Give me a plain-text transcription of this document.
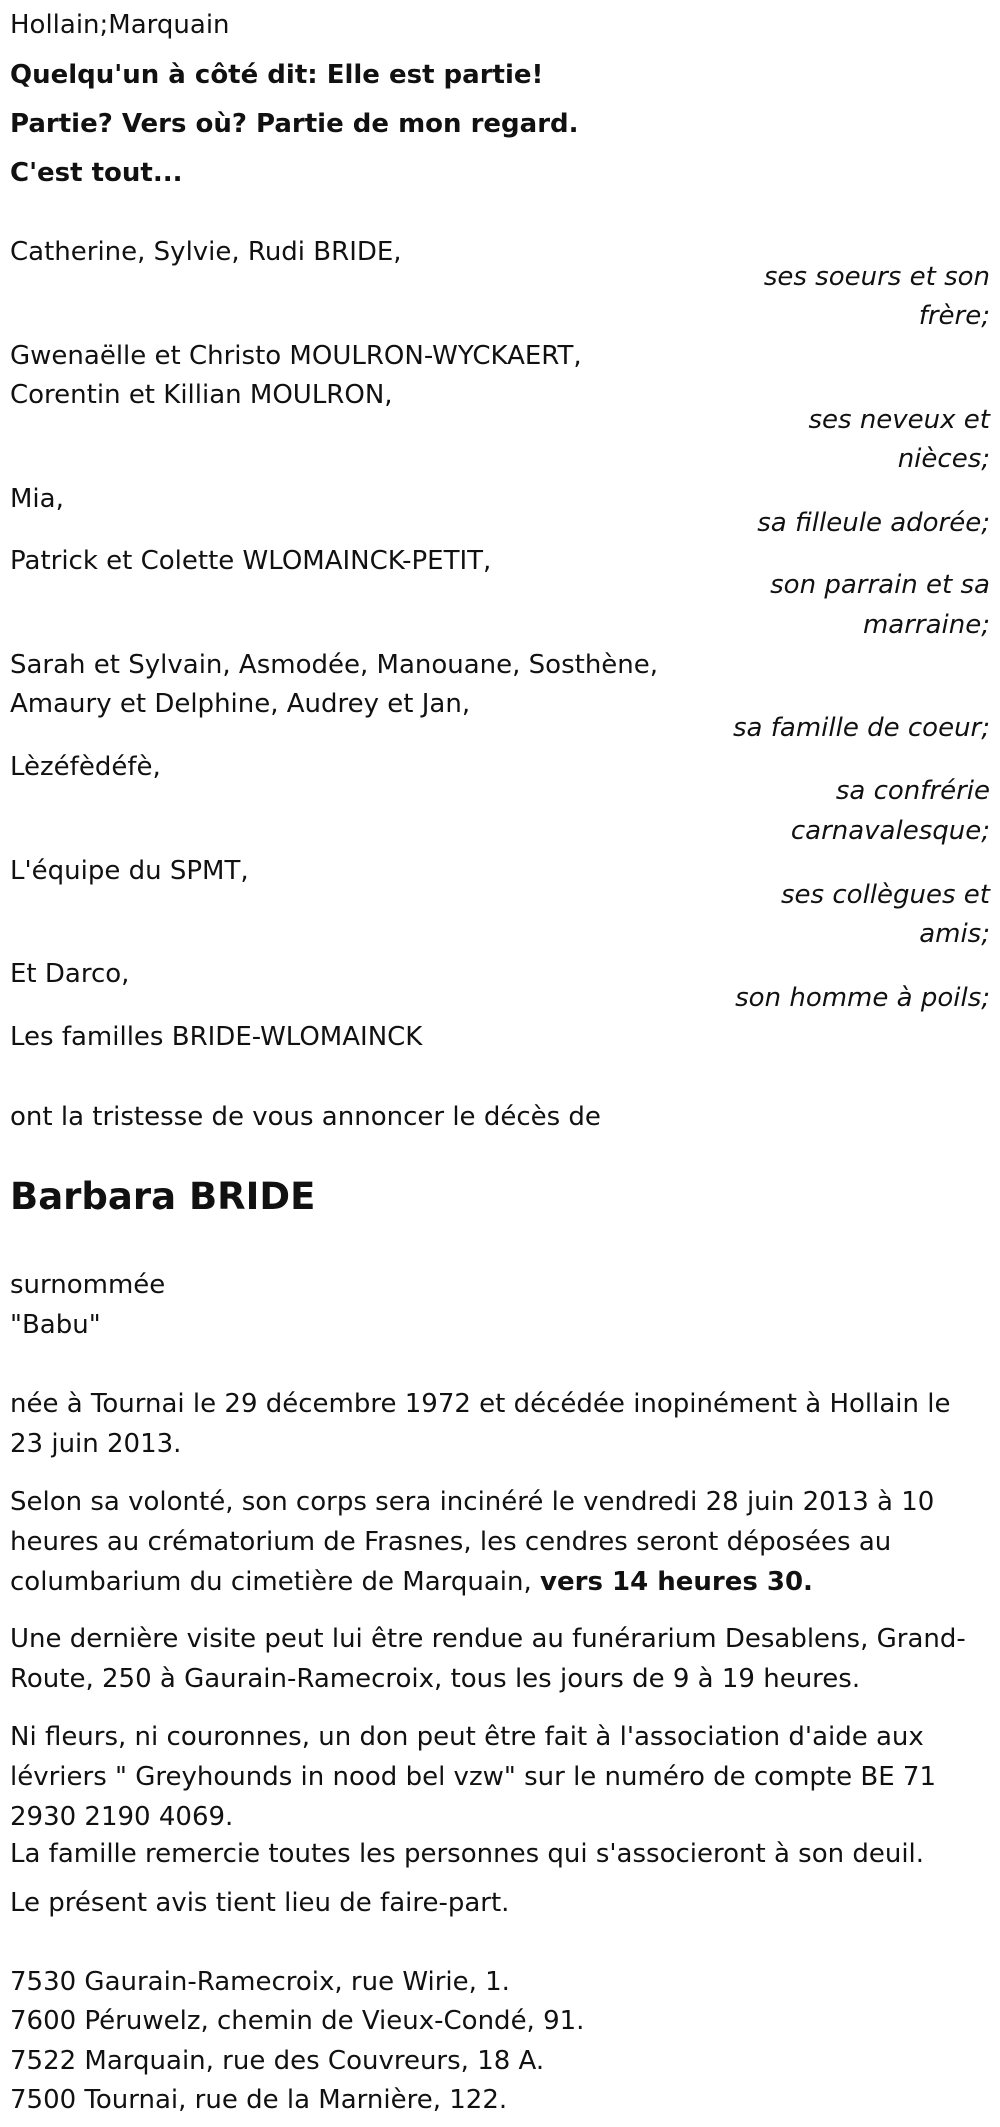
Hollain;Marquain
Quelqu'un à côté dit: Elle est partie!
Partie? Vers où? Partie de mon regard.
C'est tout...
Catherine, Sylvie, Rudi BRIDE,
ses soeurs et son
frère;
Gwenaëlle et Christo MOULRON-WYCKAERT,
Corentin et Killian MOULRON,
ses neveux et
nièces;
Mia,
sa filleule adorée;
Patrick et Colette WLOMAINCK-PETIT,
son parrain et sa
marraine;
Sarah et Sylvain, Asmodée, Manouane, Sosthène,
Amaury et Delphine, Audrey et Jan,
sa famille de coeur;
Lèzéfèdéfè,
sa confrérie
carnavalesque;
L'équipe du SPMT,
ses collègues et
amis;
Et Darco,
son homme à poils;
Les familles BRIDE-WLOMAINCK
ont la tristesse de vous annoncer le décès de
Barbara BRIDE
surnommée
"Babu"
née à Tournai le 29 décembre 1972 et décédée inopinément à Hollain le 23 juin 2013.
Selon sa volonté, son corps sera incinéré le vendredi 28 juin 2013 à 10 heures au crématorium de Frasnes, les cendres seront déposées au columbarium du cimetière de Marquain, vers 14 heures 30.
Une dernière visite peut lui être rendue au funérarium Desablens, Grand-Route, 250 à Gaurain-Ramecroix, tous les jours de 9 à 19 heures.
Ni fleurs, ni couronnes, un don peut être fait à l'association d'aide aux lévriers " Greyhounds in nood bel vzw" sur le numéro de compte BE 71 2930 2190 4069.
La famille remercie toutes les personnes qui s'associeront à son deuil.
Le présent avis tient lieu de faire-part.
7530 Gaurain-Ramecroix, rue Wirie, 1.
7600 Péruwelz, chemin de Vieux-Condé, 91.
7522 Marquain, rue des Couvreurs, 18 A.
7500 Tournai, rue de la Marnière, 122.
